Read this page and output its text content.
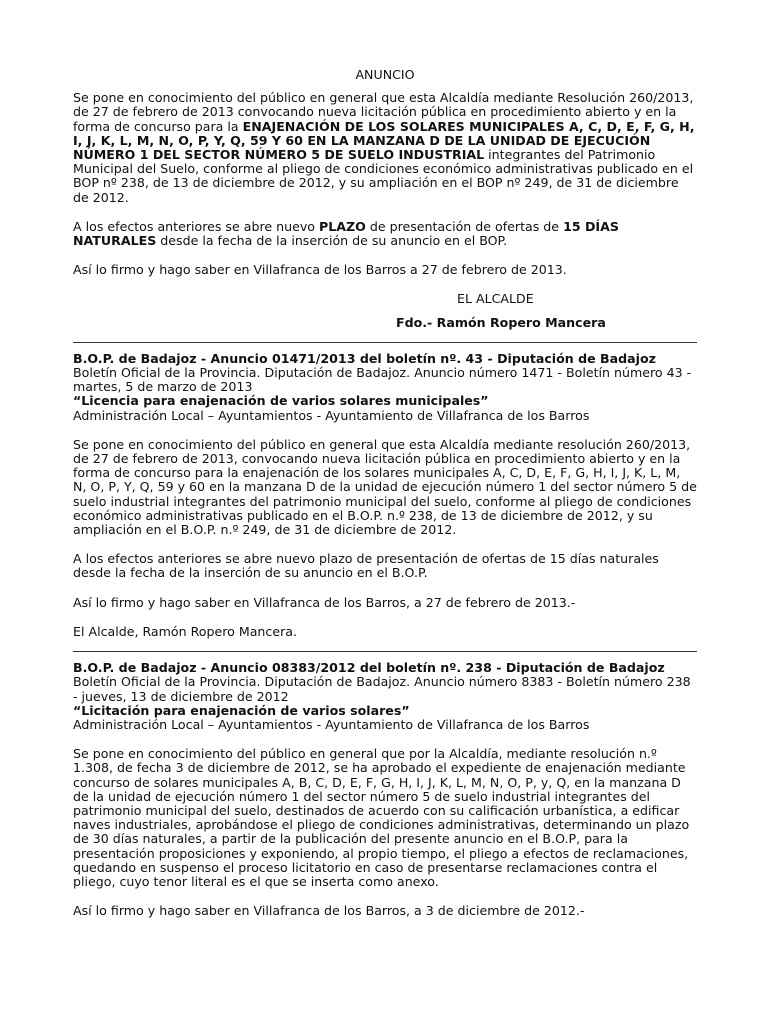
ANUNCIO

Se pone en conocimiento del público en general que esta Alcaldía mediante Resolución 260/2013, de 27 de febrero de 2013 convocando nueva licitación pública en procedimiento abierto y en la forma de concurso para la ENAJENACIÓN DE LOS SOLARES MUNICIPALES A, C, D, E, F, G, H, I, J, K, L, M, N, O, P, Y, Q, 59 Y 60 EN LA MANZANA D DE LA UNIDAD DE EJECUCIÓN NÚMERO 1 DEL SECTOR NÚMERO 5 DE SUELO INDUSTRIAL integrantes del Patrimonio Municipal del Suelo, conforme al pliego de condiciones económico administrativas publicado en el BOP nº 238, de 13 de diciembre de 2012, y su ampliación en el BOP nº 249, de 31 de diciembre de 2012.

A los efectos anteriores se abre nuevo PLAZO de presentación de ofertas de 15 DÍAS NATURALES desde la fecha de la inserción de su anuncio en el BOP.

Así lo firmo y hago saber en Villafranca de los Barros a 27 de febrero de 2013.

EL ALCALDE

Fdo.- Ramón Ropero Mancera

B.O.P. de Badajoz - Anuncio 01471/2013 del boletín nº. 43 - Diputación de Badajoz

Boletín Oficial de la Provincia. Diputación de Badajoz. Anuncio número 1471 - Boletín número 43 - martes, 5 de marzo de 2013

“Licencia para enajenación de varios solares municipales”

Administración Local – Ayuntamientos - Ayuntamiento de Villafranca de los Barros

Se pone en conocimiento del público en general que esta Alcaldía mediante resolución 260/2013, de 27 de febrero de 2013, convocando nueva licitación pública en procedimiento abierto y en la forma de concurso para la enajenación de los solares municipales A, C, D, E, F, G, H, I, J, K, L, M, N, O, P, Y, Q, 59 y 60 en la manzana D de la unidad de ejecución número 1 del sector número 5 de suelo industrial integrantes del patrimonio municipal del suelo, conforme al pliego de condiciones económico administrativas publicado en el B.O.P. n.º 238, de 13 de diciembre de 2012, y su ampliación en el B.O.P. n.º 249, de 31 de diciembre de 2012.

A los efectos anteriores se abre nuevo plazo de presentación de ofertas de 15 días naturales desde la fecha de la inserción de su anuncio en el B.O.P.

Así lo firmo y hago saber en Villafranca de los Barros, a 27 de febrero de 2013.-

El Alcalde, Ramón Ropero Mancera.

B.O.P. de Badajoz - Anuncio 08383/2012 del boletín nº. 238 - Diputación de Badajoz

Boletín Oficial de la Provincia. Diputación de Badajoz. Anuncio número 8383 - Boletín número 238 - jueves, 13 de diciembre de 2012

“Licitación para enajenación de varios solares”

Administración Local – Ayuntamientos - Ayuntamiento de Villafranca de los Barros

Se pone en conocimiento del público en general que por la Alcaldía, mediante resolución n.º 1.308, de fecha 3 de diciembre de 2012, se ha aprobado el expediente de enajenación mediante concurso de solares municipales A, B, C, D, E, F, G, H, I, J, K, L, M, N, O, P, y, Q, en la manzana D de la unidad de ejecución número 1 del sector número 5 de suelo industrial integrantes del patrimonio municipal del suelo, destinados de acuerdo con su calificación urbanística, a edificar naves industriales, aprobándose el pliego de condiciones administrativas, determinando un plazo de 30 días naturales, a partir de la publicación del presente anuncio en el B.O.P, para la presentación proposiciones y exponiendo, al propio tiempo, el pliego a efectos de reclamaciones, quedando en suspenso el proceso licitatorio en caso de presentarse reclamaciones contra el pliego, cuyo tenor literal es el que se inserta como anexo.

Así lo firmo y hago saber en Villafranca de los Barros, a 3 de diciembre de 2012.-
